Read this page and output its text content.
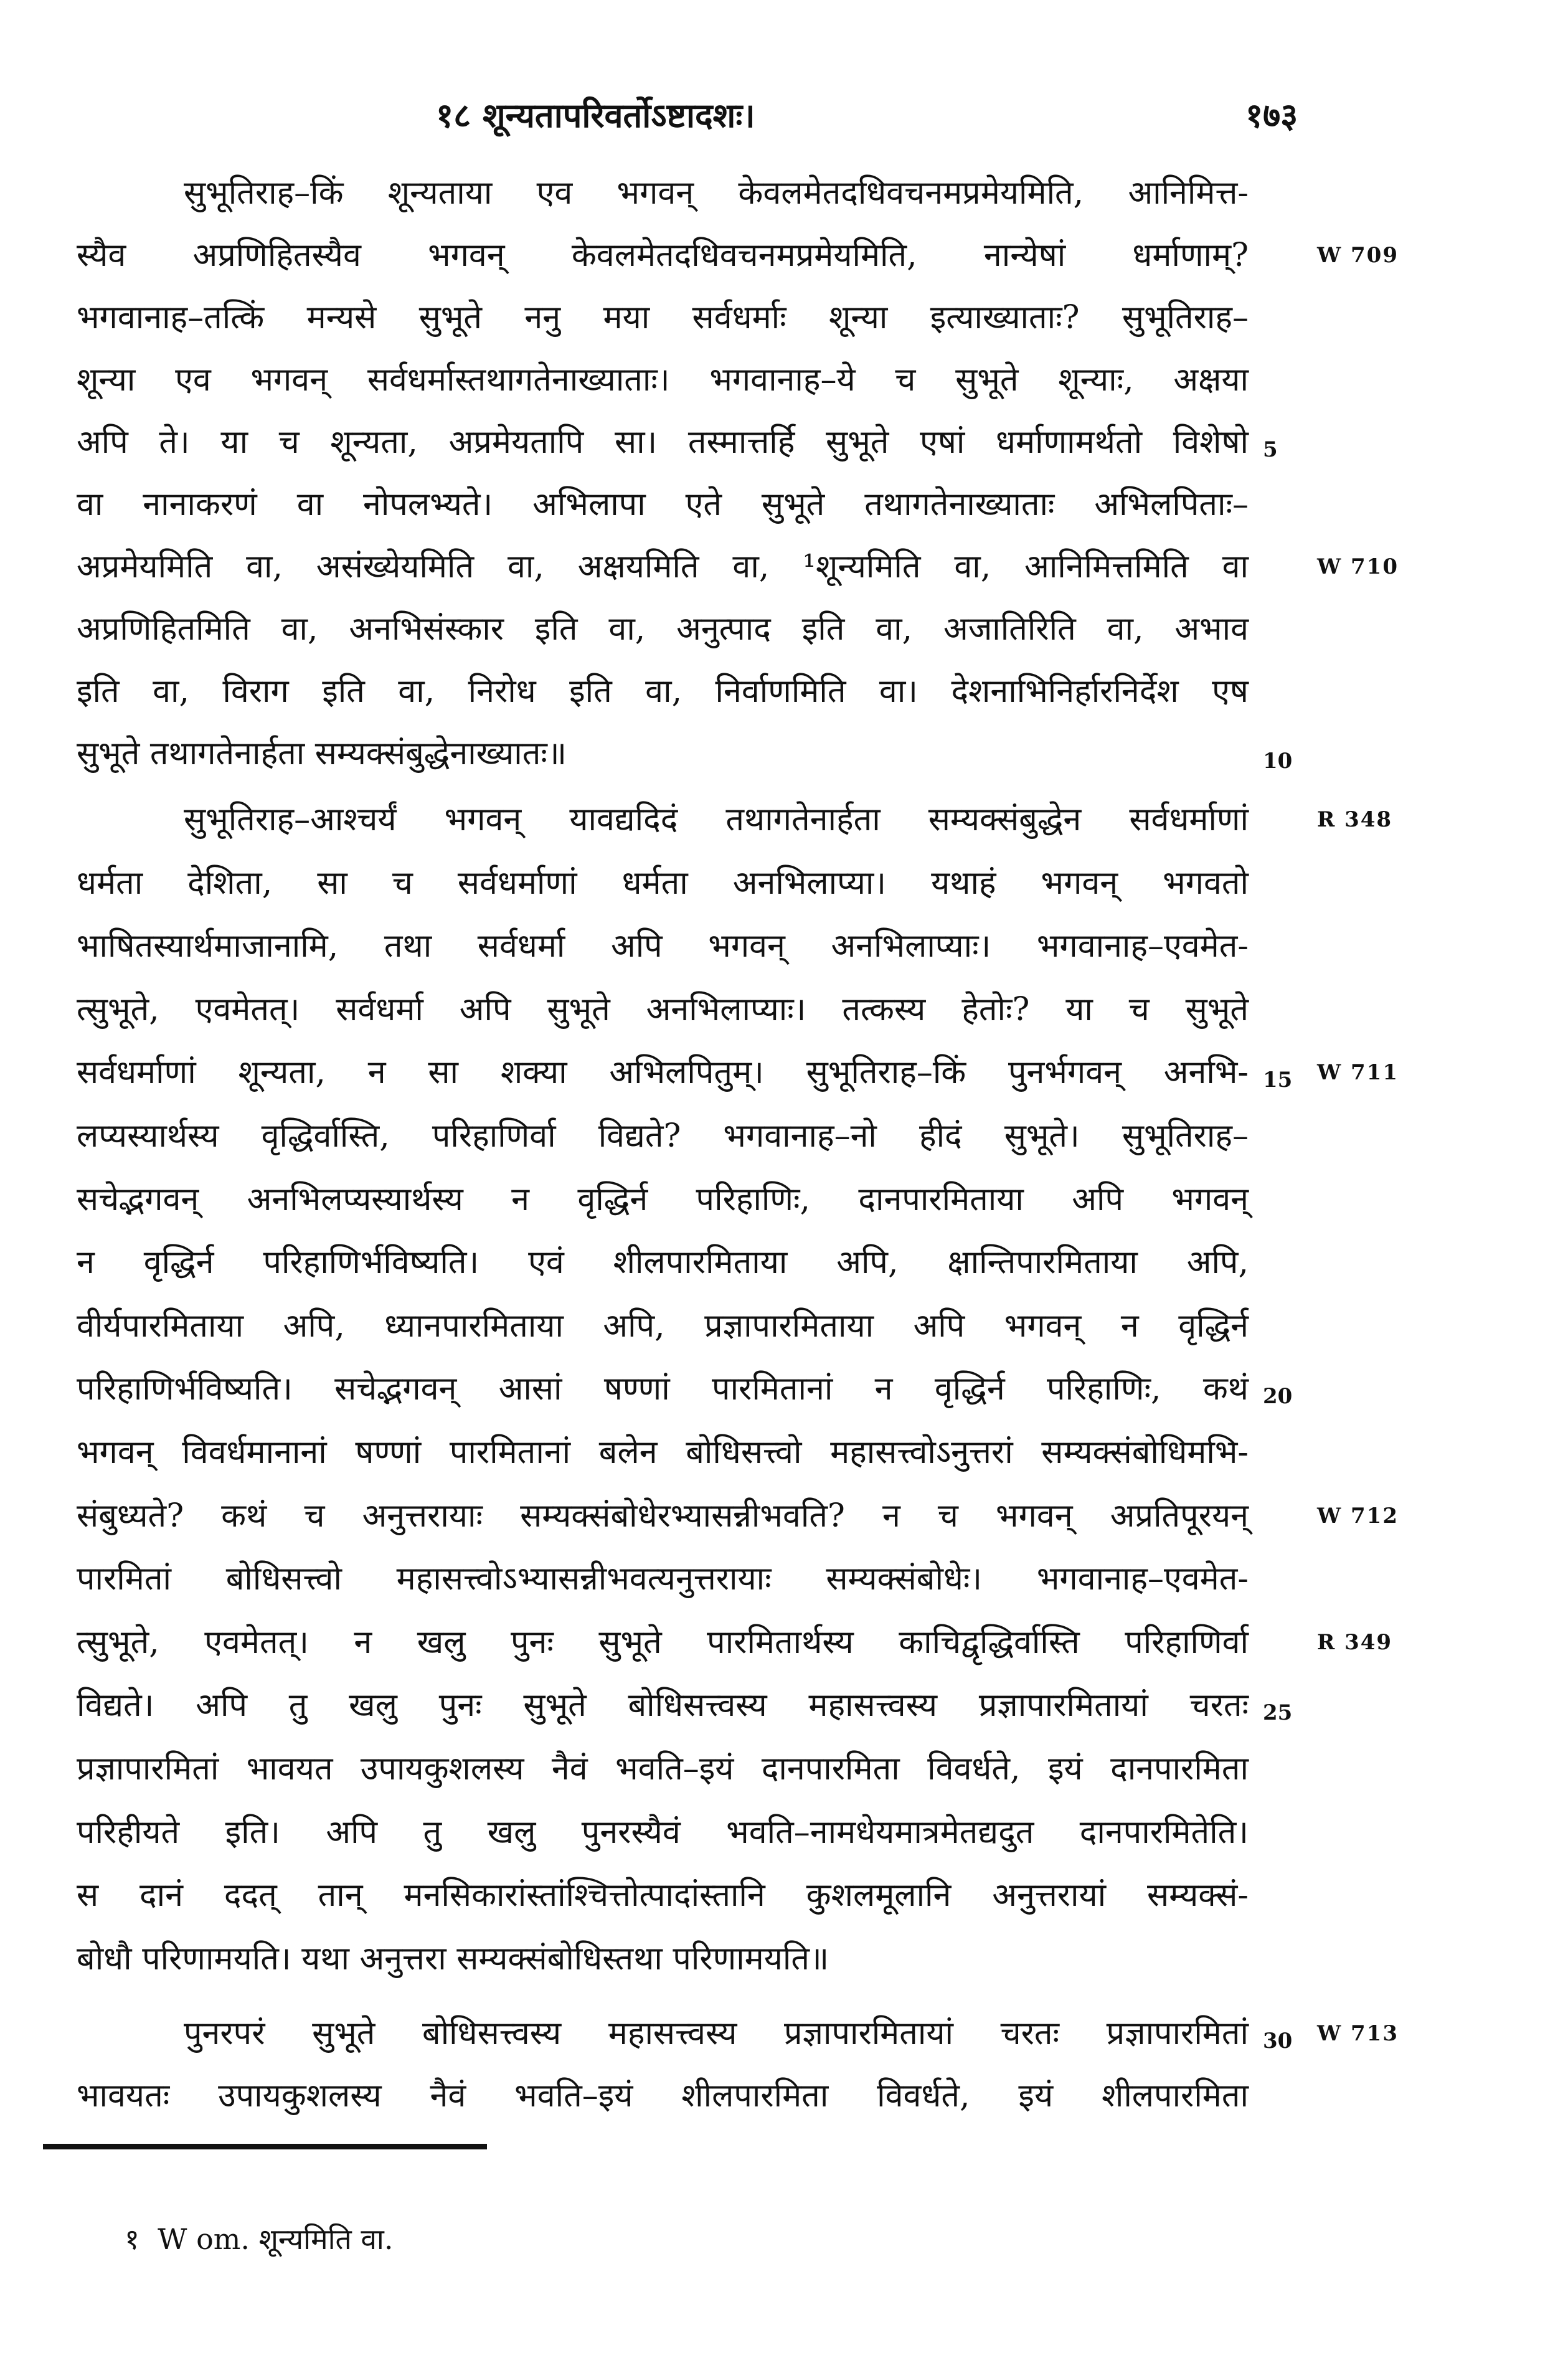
१८ शून्यतापरिवर्तोऽष्टादशः।	१७३
सुभूतिराह–किं शून्यताया एव भगवन् केवलमेतदधिवचनमप्रमेयमिति, आनिमित्त-
स्यैव अप्रणिहितस्यैव भगवन् केवलमेतदधिवचनमप्रमेयमिति, नान्येषां धर्माणाम्?	W 709
भगवानाह–तत्किं मन्यसे सुभूते ननु मया सर्वधर्माः शून्या इत्याख्याताः? सुभूतिराह–
शून्या एव भगवन् सर्वधर्मास्तथागतेनाख्याताः। भगवानाह–ये च सुभूते शून्याः, अक्षया
अपि ते। या च शून्यता, अप्रमेयतापि सा। तस्मात्तर्हि सुभूते एषां धर्माणामर्थतो विशेषो 5
वा नानाकरणं वा नोपलभ्यते। अभिलापा एते सुभूते तथागतेनाख्याताः अभिलपिताः–
अप्रमेयमिति वा, असंख्येयमिति वा, अक्षयमिति वा, ¹शून्यमिति वा, आनिमित्तमिति वा	W 710
अप्रणिहितमिति वा, अनभिसंस्कार इति वा, अनुत्पाद इति वा, अजातिरिति वा, अभाव
इति वा, विराग इति वा, निरोध इति वा, निर्वाणमिति वा। देशनाभिनिर्हारनिर्देश एष
सुभूते तथागतेनार्हता सम्यक्संबुद्धेनाख्यातः॥	10
सुभूतिराह–आश्चर्यं भगवन् यावद्यदिदं तथागतेनार्हता सम्यक्संबुद्धेन सर्वधर्माणां	R 348
धर्मता देशिता, सा च सर्वधर्माणां धर्मता अनभिलाप्या। यथाहं भगवन् भगवतो
भाषितस्यार्थमाजानामि, तथा सर्वधर्मा अपि भगवन् अनभिलाप्याः। भगवानाह–एवमेत-
त्सुभूते, एवमेतत्। सर्वधर्मा अपि सुभूते अनभिलाप्याः। तत्कस्य हेतोः? या च सुभूते
सर्वधर्माणां शून्यता, न सा शक्या अभिलपितुम्। सुभूतिराह–किं पुनर्भगवन् अनभि- 15 W 711
लप्यस्यार्थस्य वृद्धिर्वास्ति, परिहाणिर्वा विद्यते? भगवानाह–नो हीदं सुभूते। सुभूतिराह–
सचेद्भगवन् अनभिलप्यस्यार्थस्य न वृद्धिर्न परिहाणिः, दानपारमिताया अपि भगवन्
न वृद्धिर्न परिहाणिर्भविष्यति। एवं शीलपारमिताया अपि, क्षान्तिपारमिताया अपि,
वीर्यपारमिताया अपि, ध्यानपारमिताया अपि, प्रज्ञापारमिताया अपि भगवन् न वृद्धिर्न
परिहाणिर्भविष्यति। सचेद्भगवन् आसां षण्णां पारमितानां न वृद्धिर्न परिहाणिः, कथं 20
भगवन् विवर्धमानानां षण्णां पारमितानां बलेन बोधिसत्त्वो महासत्त्वोऽनुत्तरां सम्यक्संबोधिमभि-
संबुध्यते? कथं च अनुत्तरायाः सम्यक्संबोधेरभ्यासन्नीभवति? न च भगवन् अप्रतिपूरयन्	W 712
पारमितां बोधिसत्त्वो महासत्त्वोऽभ्यासन्नीभवत्यनुत्तरायाः सम्यक्संबोधेः। भगवानाह–एवमेत-
त्सुभूते, एवमेतत्। न खलु पुनः सुभूते पारमितार्थस्य काचिद्वृद्धिर्वास्ति परिहाणिर्वा	R 349
विद्यते। अपि तु खलु पुनः सुभूते बोधिसत्त्वस्य महासत्त्वस्य प्रज्ञापारमितायां चरतः 25
प्रज्ञापारमितां भावयत उपायकुशलस्य नैवं भवति–इयं दानपारमिता विवर्धते, इयं दानपारमिता
परिहीयते इति। अपि तु खलु पुनरस्यैवं भवति–नामधेयमात्रमेतद्यदुत दानपारमितेति।
स दानं ददत् तान् मनसिकारांस्तांश्चित्तोत्पादांस्तानि कुशलमूलानि अनुत्तरायां सम्यक्सं-
बोधौ परिणामयति। यथा अनुत्तरा सम्यक्संबोधिस्तथा परिणामयति॥
पुनरपरं सुभूते बोधिसत्त्वस्य महासत्त्वस्य प्रज्ञापारमितायां चरतः प्रज्ञापारमितां 30 W 713
भावयतः उपायकुशलस्य नैवं भवति–इयं शीलपारमिता विवर्धते, इयं शीलपारमिता
१ W om. शून्यमिति वा.
